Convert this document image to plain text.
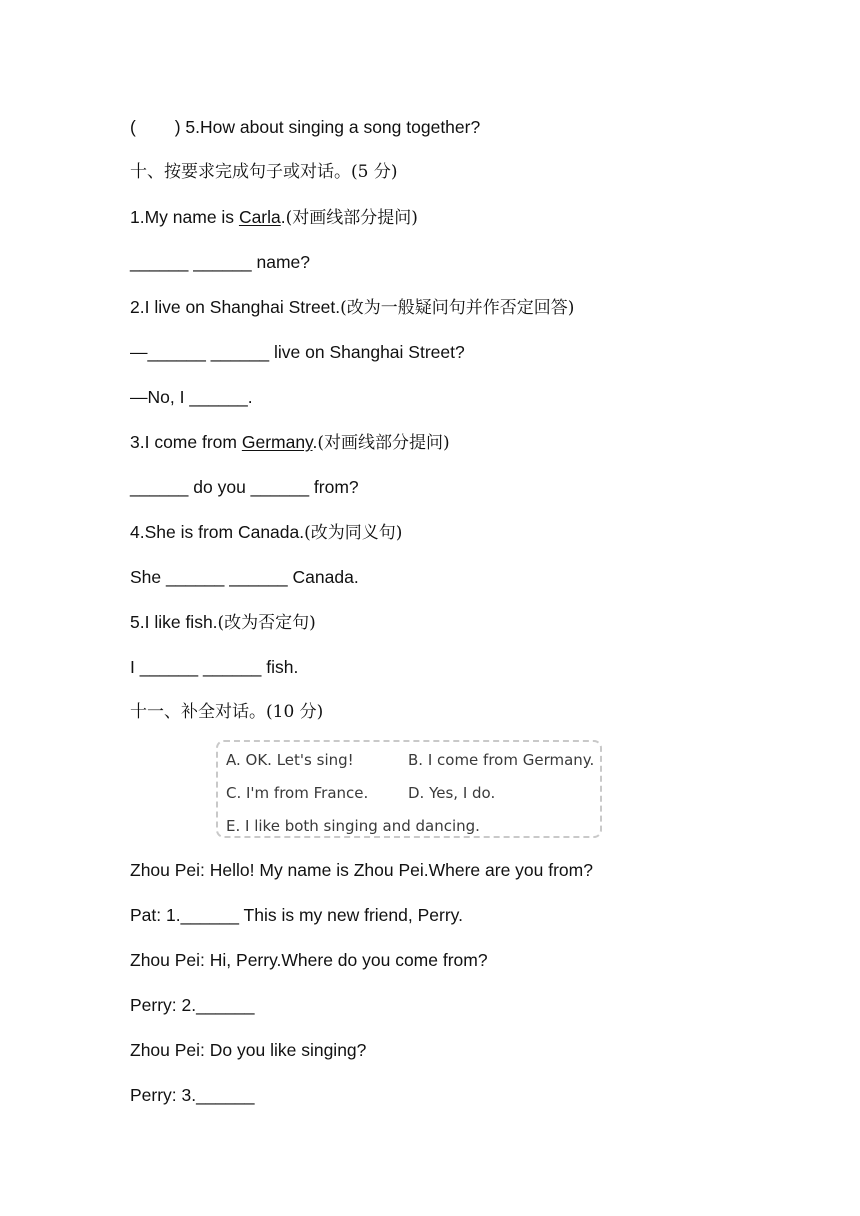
(        ) 5.How about singing a song together?
十、按要求完成句子或对话。(5 分)
1.My name is Carla.(对画线部分提问)
______ ______ name?
2.I live on Shanghai Street.(改为一般疑问句并作否定回答)
—______ ______ live on Shanghai Street?
—No, I ______.
3.I come from Germany.(对画线部分提问)
______ do you ______ from?
4.She is from Canada.(改为同义句)
She ______ ______ Canada.
5.I like fish.(改为否定句)
I ______ ______ fish.
十一、补全对话。(10 分)
A. OK. Let's sing!	B. I come from Germany.
C. I'm from France.	D. Yes, I do.
E. I like both singing and dancing.
Zhou Pei: Hello! My name is Zhou Pei.Where are you from?
Pat: 1.______ This is my new friend, Perry.
Zhou Pei: Hi, Perry.Where do you come from?
Perry: 2.______
Zhou Pei: Do you like singing?
Perry: 3.______
